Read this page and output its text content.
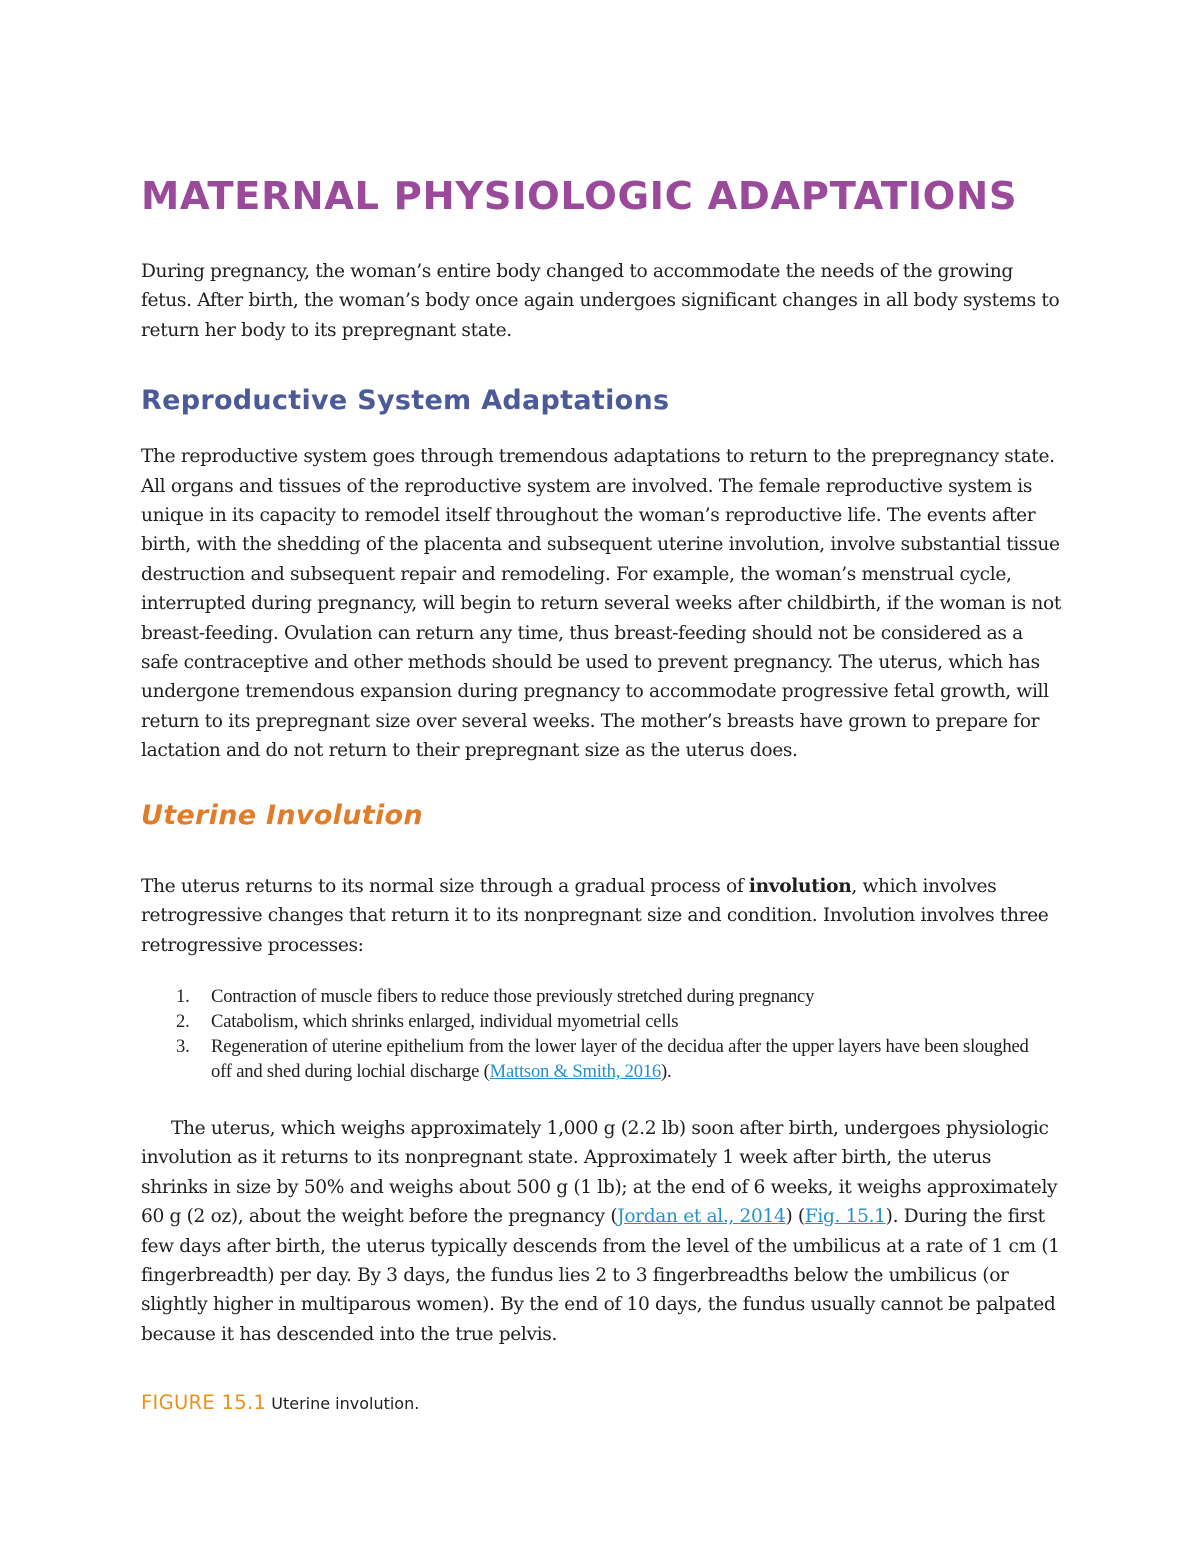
MATERNAL PHYSIOLOGIC ADAPTATIONS

During pregnancy, the woman’s entire body changed to accommodate the needs of the growing fetus. After birth, the woman’s body once again undergoes significant changes in all body systems to return her body to its prepregnant state.

Reproductive System Adaptations

The reproductive system goes through tremendous adaptations to return to the prepregnancy state. All organs and tissues of the reproductive system are involved. The female reproductive system is unique in its capacity to remodel itself throughout the woman’s reproductive life. The events after birth, with the shedding of the placenta and subsequent uterine involution, involve substantial tissue destruction and subsequent repair and remodeling. For example, the woman’s menstrual cycle, interrupted during pregnancy, will begin to return several weeks after childbirth, if the woman is not breast-feeding. Ovulation can return any time, thus breast-feeding should not be considered as a safe contraceptive and other methods should be used to prevent pregnancy. The uterus, which has undergone tremendous expansion during pregnancy to accommodate progressive fetal growth, will return to its prepregnant size over several weeks. The mother’s breasts have grown to prepare for lactation and do not return to their prepregnant size as the uterus does.

Uterine Involution

The uterus returns to its normal size through a gradual process of involution, which involves retrogressive changes that return it to its nonpregnant size and condition. Involution involves three retrogressive processes:

1. Contraction of muscle fibers to reduce those previously stretched during pregnancy
2. Catabolism, which shrinks enlarged, individual myometrial cells
3. Regeneration of uterine epithelium from the lower layer of the decidua after the upper layers have been sloughed off and shed during lochial discharge (Mattson & Smith, 2016).

The uterus, which weighs approximately 1,000 g (2.2 lb) soon after birth, undergoes physiologic involution as it returns to its nonpregnant state. Approximately 1 week after birth, the uterus shrinks in size by 50% and weighs about 500 g (1 lb); at the end of 6 weeks, it weighs approximately 60 g (2 oz), about the weight before the pregnancy (Jordan et al., 2014) (Fig. 15.1). During the first few days after birth, the uterus typically descends from the level of the umbilicus at a rate of 1 cm (1 fingerbreadth) per day. By 3 days, the fundus lies 2 to 3 fingerbreadths below the umbilicus (or slightly higher in multiparous women). By the end of 10 days, the fundus usually cannot be palpated because it has descended into the true pelvis.

FIGURE 15.1 Uterine involution.
